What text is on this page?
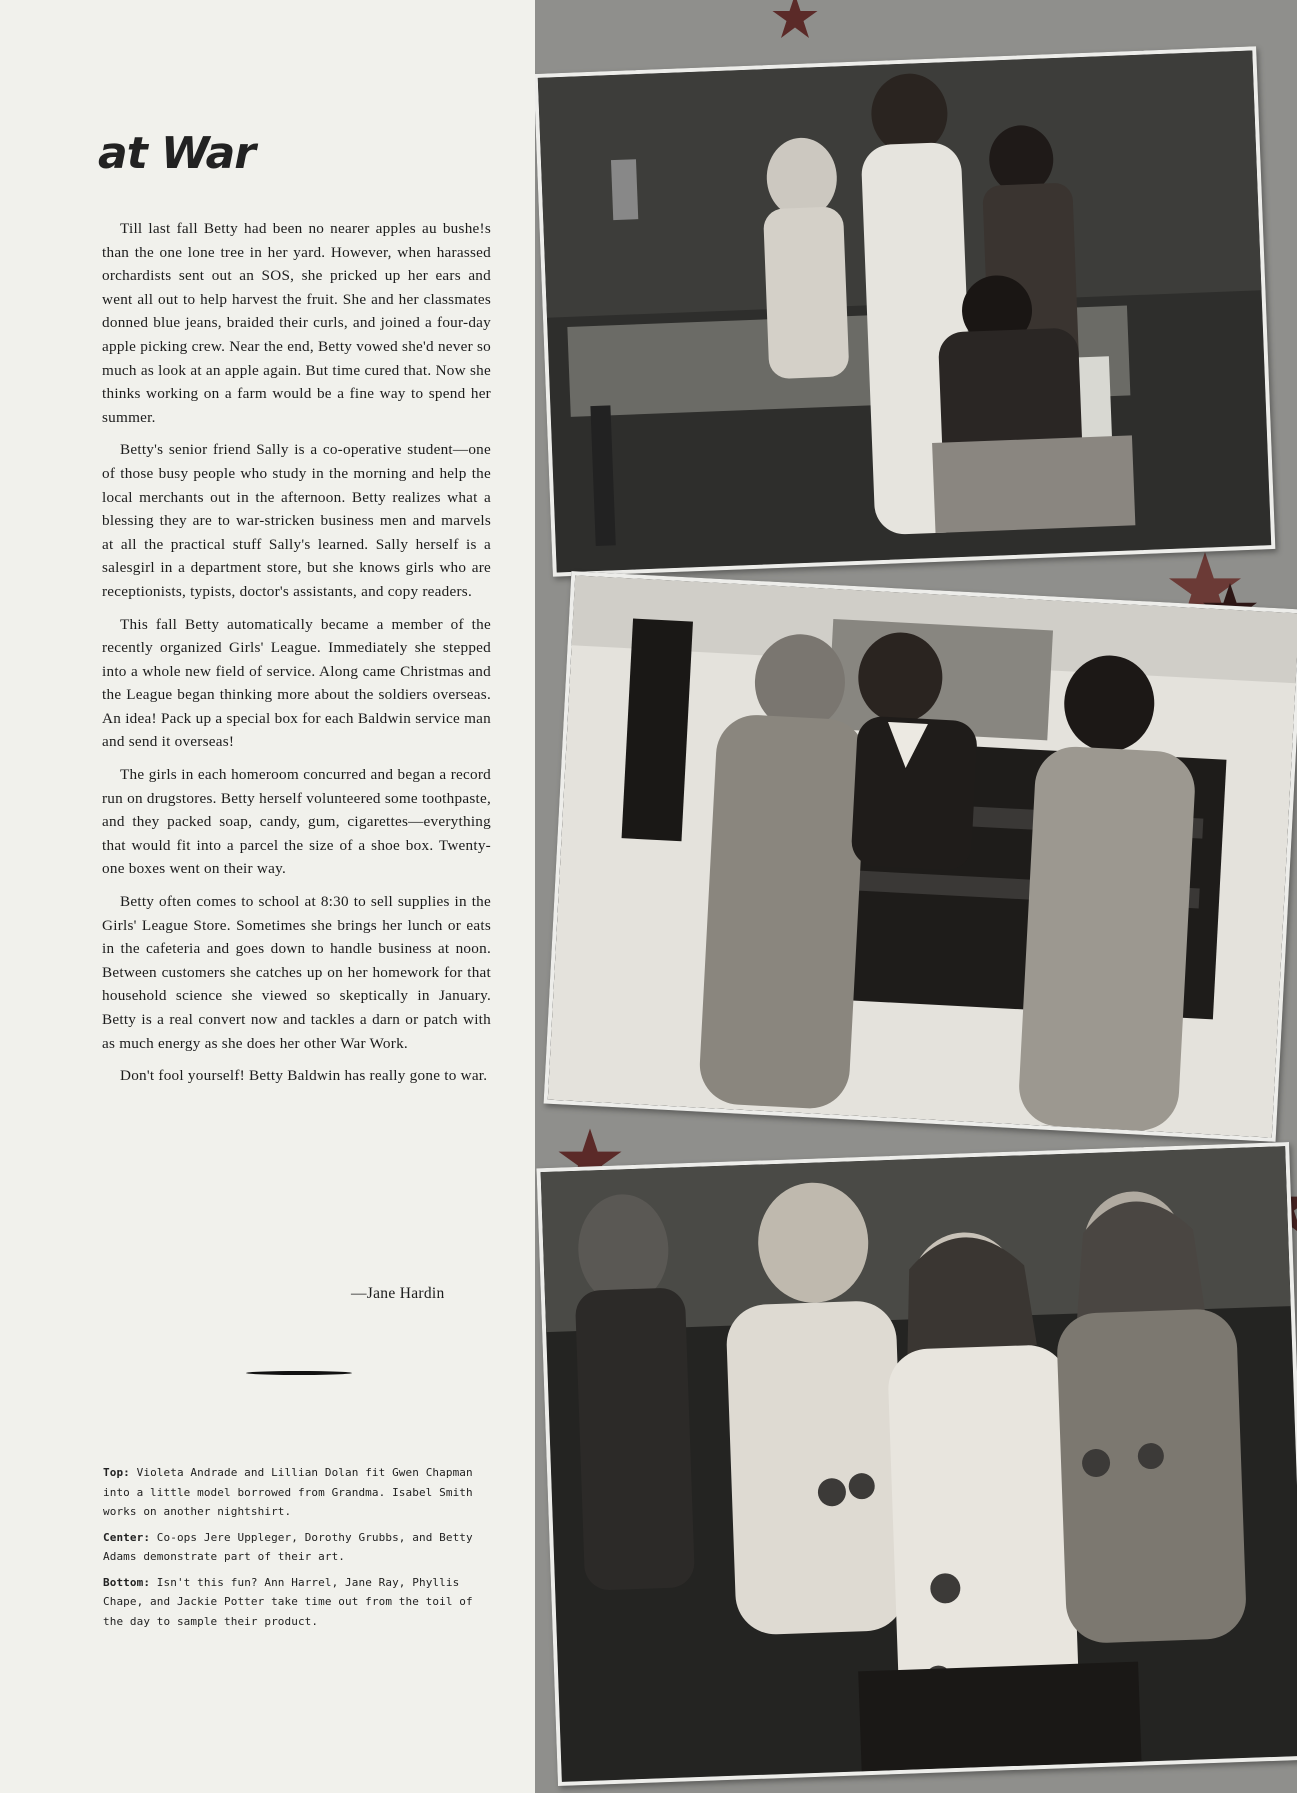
at War

Till last fall Betty had been no nearer apples au bushe!s than the one lone tree in her yard. However, when harassed orchardists sent out an SOS, she pricked up her ears and went all out to help harvest the fruit. She and her classmates donned blue jeans, braided their curls, and joined a four-day apple picking crew. Near the end, Betty vowed she'd never so much as look at an apple again. But time cured that. Now she thinks working on a farm would be a fine way to spend her summer.

Betty's senior friend Sally is a co-operative student—one of those busy people who study in the morning and help the local merchants out in the afternoon. Betty realizes what a blessing they are to war-stricken business men and marvels at all the practical stuff Sally's learned. Sally herself is a salesgirl in a department store, but she knows girls who are receptionists, typists, doctor's assistants, and copy readers.

This fall Betty automatically became a member of the recently organized Girls' League. Immediately she stepped into a whole new field of service. Along came Christmas and the League began thinking more about the soldiers overseas. An idea! Pack up a special box for each Baldwin service man and send it overseas!

The girls in each homeroom concurred and began a record run on drugstores. Betty herself volunteered some toothpaste, and they packed soap, candy, gum, cigarettes—everything that would fit into a parcel the size of a shoe box. Twenty-one boxes went on their way.

Betty often comes to school at 8:30 to sell supplies in the Girls' League Store. Sometimes she brings her lunch or eats in the cafeteria and goes down to handle business at noon. Between customers she catches up on her homework for that household science she viewed so skeptically in January. Betty is a real convert now and tackles a darn or patch with as much energy as she does her other War Work.

Don't fool yourself! Betty Baldwin has really gone to war.

—Jane Hardin

Top: Violeta Andrade and Lillian Dolan fit Gwen Chapman into a little model borrowed from Grandma. Isabel Smith works on another nightshirt.

Center: Co-ops Jere Uppleger, Dorothy Grubbs, and Betty Adams demonstrate part of their art.

Bottom: Isn't this fun? Ann Harrel, Jane Ray, Phyllis Chape, and Jackie Potter take time out from the toil of the day to sample their product.
